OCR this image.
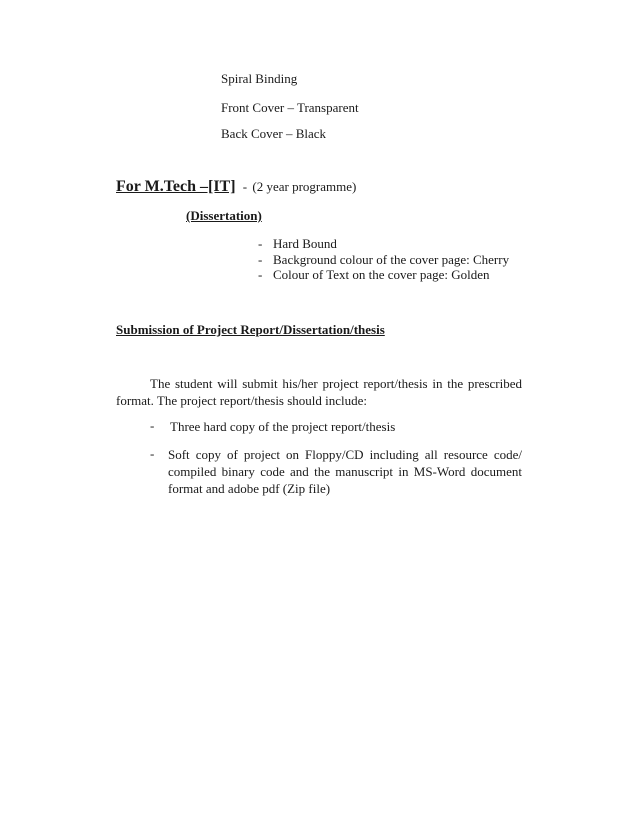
Spiral Binding
Front Cover – Transparent
Back Cover – Black
For M.Tech –[IT] - (2 year programme)
(Dissertation)
- Hard Bound
- Background colour of the cover page: Cherry
- Colour of Text on the cover page: Golden
Submission of Project Report/Dissertation/thesis
The student will submit his/her project report/thesis in the prescribed format. The project report/thesis should include:
- Three hard copy of the project report/thesis
- Soft copy of project on Floppy/CD including all resource code/ compiled binary code and the manuscript in MS-Word document format and adobe pdf (Zip file)
